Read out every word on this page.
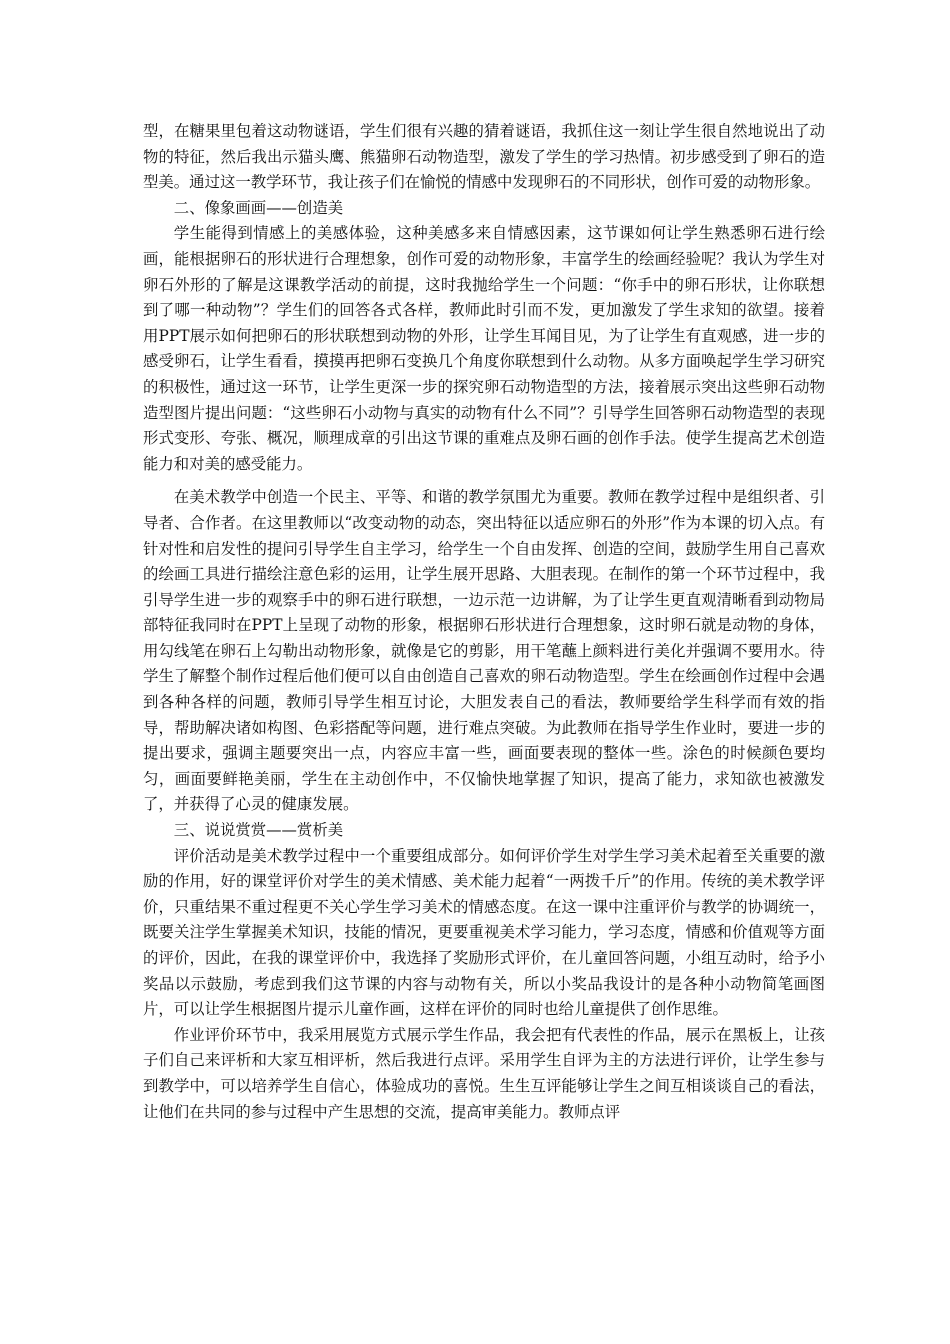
型，在糖果里包着这动物谜语，学生们很有兴趣的猜着谜语，我抓住这一刻让学生很自然地说出了动物的特征，然后我出示猫头鹰、熊猫卵石动物造型，激发了学生的学习热情。初步感受到了卵石的造型美。通过这一教学环节，我让孩子们在愉悦的情感中发现卵石的不同形状，创作可爱的动物形象。

二、像象画画——创造美

学生能得到情感上的美感体验，这种美感多来自情感因素，这节课如何让学生熟悉卵石进行绘画，能根据卵石的形状进行合理想象，创作可爱的动物形象，丰富学生的绘画经验呢？我认为学生对卵石外形的了解是这课教学活动的前提，这时我抛给学生一个问题：“你手中的卵石形状，让你联想到了哪一种动物”？学生们的回答各式各样，教师此时引而不发，更加激发了学生求知的欲望。接着用PPT展示如何把卵石的形状联想到动物的外形，让学生耳闻目见，为了让学生有直观感，进一步的感受卵石，让学生看看，摸摸再把卵石变换几个角度你联想到什么动物。从多方面唤起学生学习研究的积极性，通过这一环节，让学生更深一步的探究卵石动物造型的方法，接着展示突出这些卵石动物造型图片提出问题：“这些卵石小动物与真实的动物有什么不同”？引导学生回答卵石动物造型的表现形式变形、夸张、概况，顺理成章的引出这节课的重难点及卵石画的创作手法。使学生提高艺术创造能力和对美的感受能力。

在美术教学中创造一个民主、平等、和谐的教学氛围尤为重要。教师在教学过程中是组织者、引导者、合作者。在这里教师以“改变动物的动态，突出特征以适应卵石的外形”作为本课的切入点。有针对性和启发性的提问引导学生自主学习，给学生一个自由发挥、创造的空间，鼓励学生用自己喜欢的绘画工具进行描绘注意色彩的运用，让学生展开思路、大胆表现。在制作的第一个环节过程中，我引导学生进一步的观察手中的卵石进行联想，一边示范一边讲解，为了让学生更直观清晰看到动物局部特征我同时在PPT上呈现了动物的形象，根据卵石形状进行合理想象，这时卵石就是动物的身体，用勾线笔在卵石上勾勒出动物形象，就像是它的剪影，用干笔蘸上颜料进行美化并强调不要用水。待学生了解整个制作过程后他们便可以自由创造自己喜欢的卵石动物造型。学生在绘画创作过程中会遇到各种各样的问题，教师引导学生相互讨论，大胆发表自己的看法，教师要给学生科学而有效的指导，帮助解决诸如构图、色彩搭配等问题，进行难点突破。为此教师在指导学生作业时，要进一步的提出要求，强调主题要突出一点，内容应丰富一些，画面要表现的整体一些。涂色的时候颜色要均匀，画面要鲜艳美丽，学生在主动创作中，不仅愉快地掌握了知识，提高了能力，求知欲也被激发了，并获得了心灵的健康发展。

三、说说赏赏——赏析美

评价活动是美术教学过程中一个重要组成部分。如何评价学生对学生学习美术起着至关重要的激励的作用，好的课堂评价对学生的美术情感、美术能力起着“一两拨千斤”的作用。传统的美术教学评价，只重结果不重过程更不关心学生学习美术的情感态度。在这一课中注重评价与教学的协调统一，既要关注学生掌握美术知识，技能的情况，更要重视美术学习能力，学习态度，情感和价值观等方面的评价，因此，在我的课堂评价中，我选择了奖励形式评价，在儿童回答问题，小组互动时，给予小奖品以示鼓励，考虑到我们这节课的内容与动物有关，所以小奖品我设计的是各种小动物简笔画图片，可以让学生根据图片提示儿童作画，这样在评价的同时也给儿童提供了创作思维。

作业评价环节中，我采用展览方式展示学生作品，我会把有代表性的作品，展示在黑板上，让孩子们自己来评析和大家互相评析，然后我进行点评。采用学生自评为主的方法进行评价，让学生参与到教学中，可以培养学生自信心，体验成功的喜悦。生生互评能够让学生之间互相谈谈自己的看法，让他们在共同的参与过程中产生思想的交流，提高审美能力。教师点评
